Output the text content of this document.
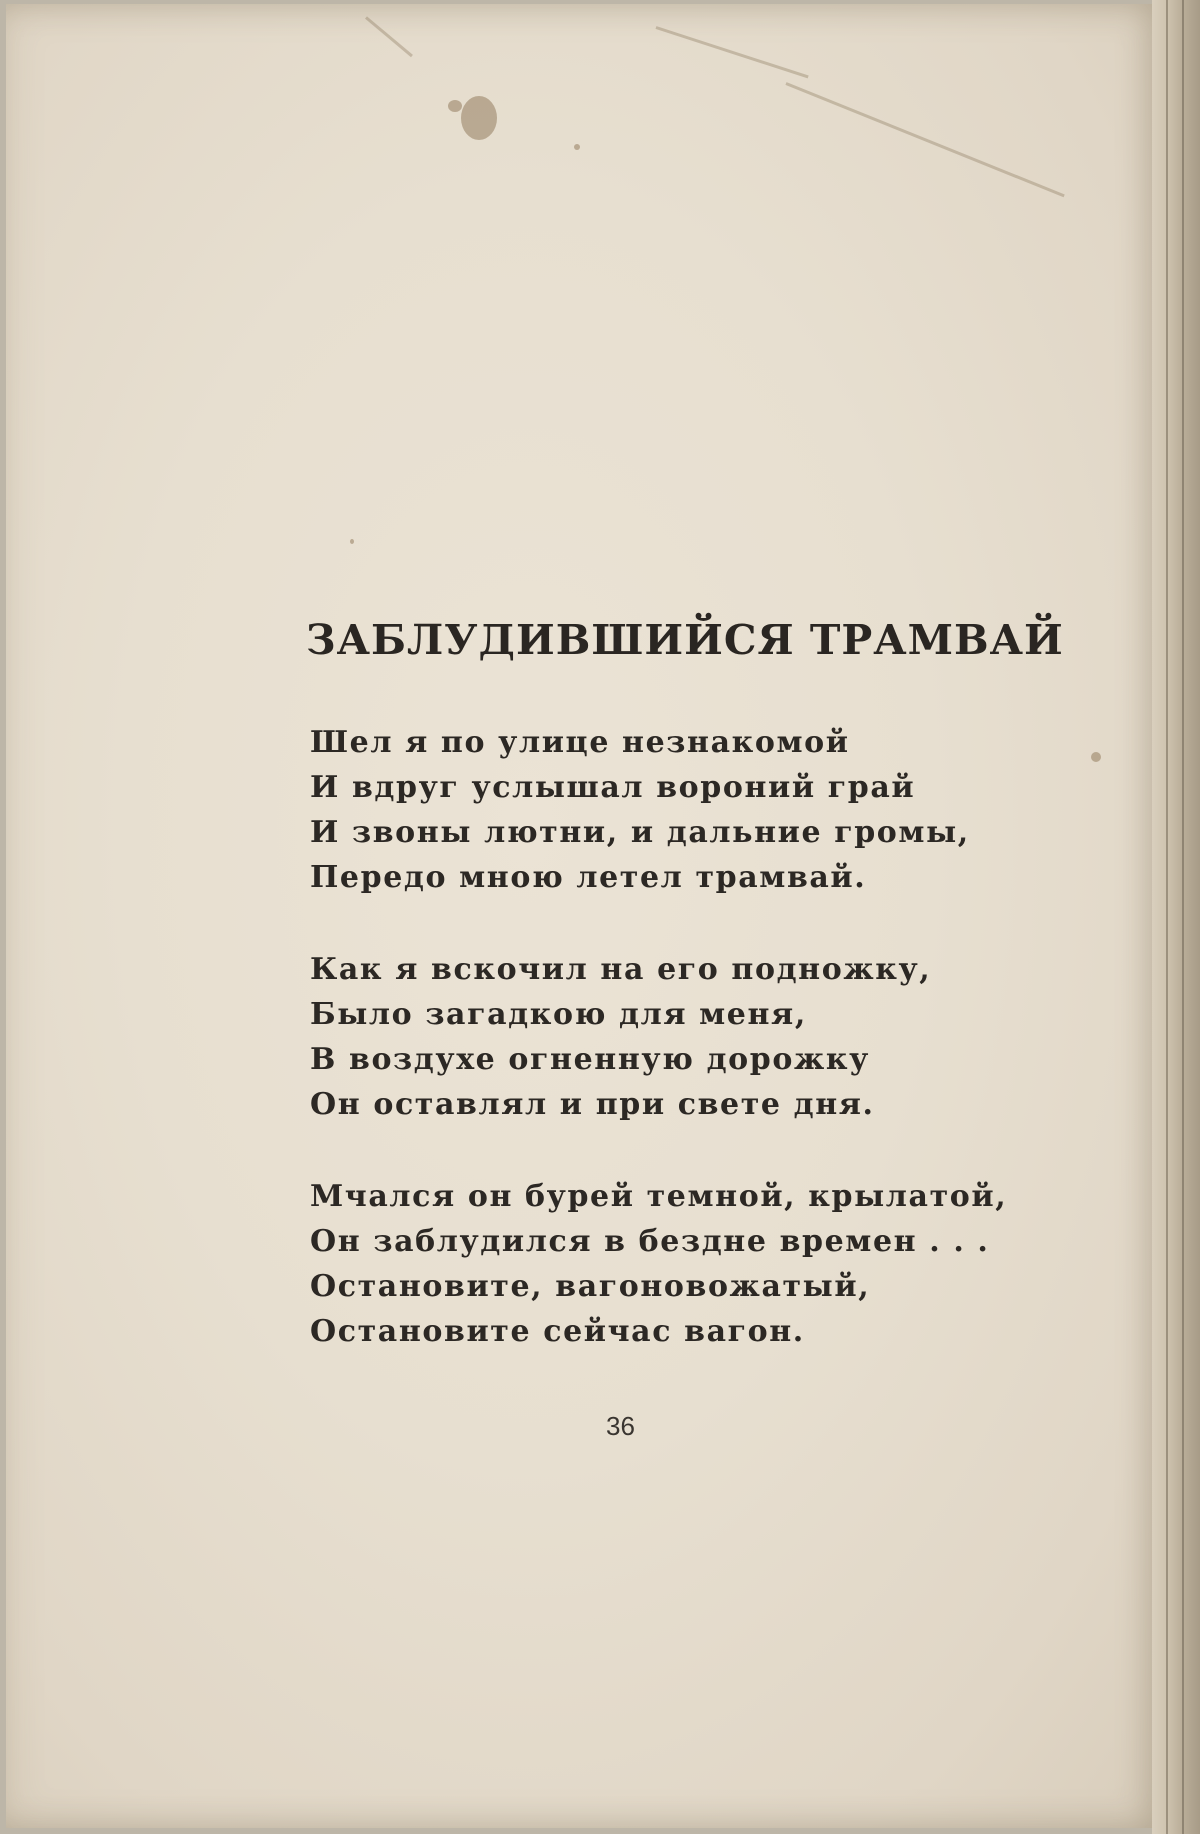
ЗАБЛУДИВШИЙСЯ ТРАМВАЙ
Шел я по улице незнакомой
И вдруг услышал вороний грай
И звоны лютни, и дальние громы,
Передо мною летел трамвай.
Как я вскочил на его подножку,
Было загадкою для меня,
В воздухе огненную дорожку
Он оставлял и при свете дня.
Мчался он бурей темной, крылатой,
Он заблудился в бездне времен . . .
Остановите, вагоновожатый,
Остановите сейчас вагон.
36
